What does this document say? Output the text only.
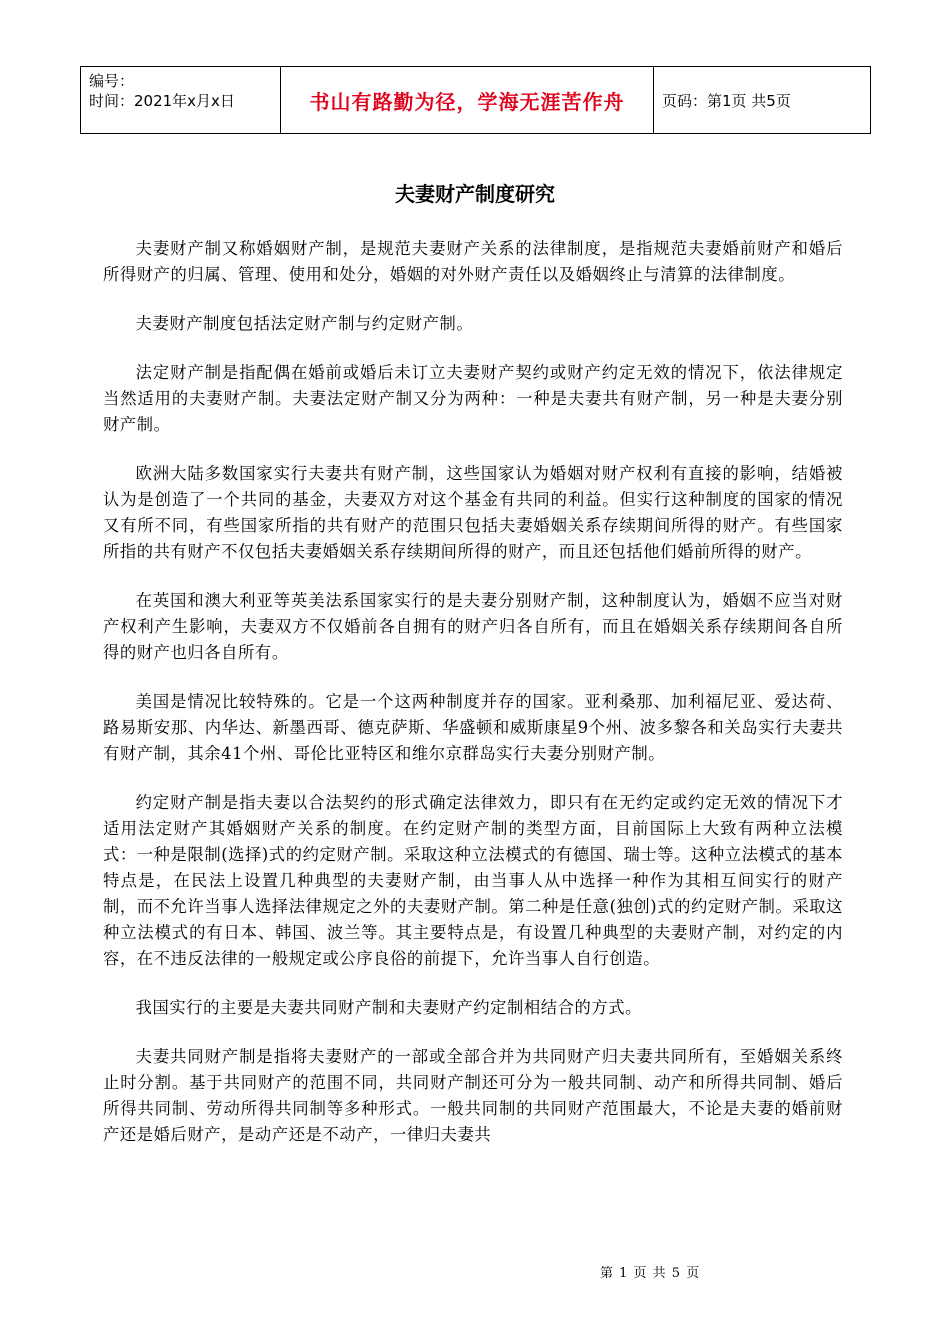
编号：
时间：2021年x月x日	书山有路勤为径，学海无涯苦作舟	页码：第1页 共5页
夫妻财产制度研究

夫妻财产制又称婚姻财产制，是规范夫妻财产关系的法律制度，是指规范夫妻婚前财产和婚后所得财产的归属、管理、使用和处分，婚姻的对外财产责任以及婚姻终止与清算的法律制度。

夫妻财产制度包括法定财产制与约定财产制。

法定财产制是指配偶在婚前或婚后未订立夫妻财产契约或财产约定无效的情况下，依法律规定当然适用的夫妻财产制。夫妻法定财产制又分为两种：一种是夫妻共有财产制，另一种是夫妻分别财产制。

欧洲大陆多数国家实行夫妻共有财产制，这些国家认为婚姻对财产权利有直接的影响，结婚被认为是创造了一个共同的基金，夫妻双方对这个基金有共同的利益。但实行这种制度的国家的情况又有所不同，有些国家所指的共有财产的范围只包括夫妻婚姻关系存续期间所得的财产。有些国家所指的共有财产不仅包括夫妻婚姻关系存续期间所得的财产，而且还包括他们婚前所得的财产。

在英国和澳大利亚等英美法系国家实行的是夫妻分别财产制，这种制度认为，婚姻不应当对财产权利产生影响，夫妻双方不仅婚前各自拥有的财产归各自所有，而且在婚姻关系存续期间各自所得的财产也归各自所有。

美国是情况比较特殊的。它是一个这两种制度并存的国家。亚利桑那、加利福尼亚、爱达荷、路易斯安那、内华达、新墨西哥、德克萨斯、华盛顿和威斯康星9个州、波多黎各和关岛实行夫妻共有财产制，其余41个州、哥伦比亚特区和维尔京群岛实行夫妻分别财产制。

约定财产制是指夫妻以合法契约的形式确定法律效力，即只有在无约定或约定无效的情况下才适用法定财产其婚姻财产关系的制度。在约定财产制的类型方面，目前国际上大致有两种立法模式：一种是限制(选择)式的约定财产制。采取这种立法模式的有德国、瑞士等。这种立法模式的基本特点是，在民法上设置几种典型的夫妻财产制，由当事人从中选择一种作为其相互间实行的财产制，而不允许当事人选择法律规定之外的夫妻财产制。第二种是任意(独创)式的约定财产制。采取这种立法模式的有日本、韩国、波兰等。其主要特点是，有设置几种典型的夫妻财产制，对约定的内容，在不违反法律的一般规定或公序良俗的前提下，允许当事人自行创造。

我国实行的主要是夫妻共同财产制和夫妻财产约定制相结合的方式。

夫妻共同财产制是指将夫妻财产的一部或全部合并为共同财产归夫妻共同所有，至婚姻关系终止时分割。基于共同财产的范围不同，共同财产制还可分为一般共同制、动产和所得共同制、婚后所得共同制、劳动所得共同制等多种形式。一般共同制的共同财产范围最大，不论是夫妻的婚前财产还是婚后财产，是动产还是不动产，一律归夫妻共

第 1 页 共 5 页
